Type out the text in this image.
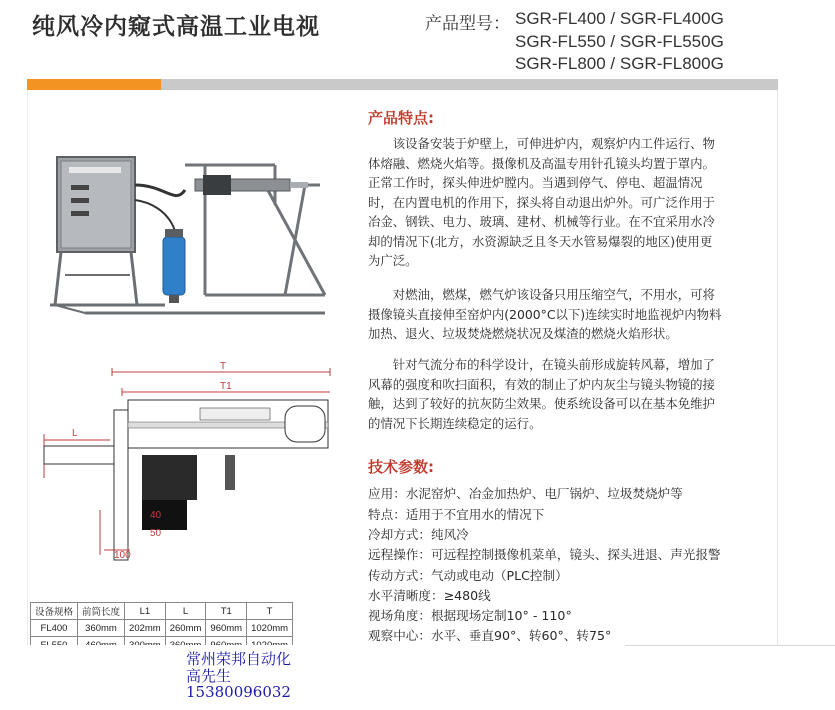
纯风冷内窥式高温工业电视	产品型号： SGR-FL400 / SGR-FL400G
SGR-FL550 / SGR-FL550G
SGR-FL800 / SGR-FL800G
T
T1
L
40
50
100
产品特点:
　　该设备安装于炉壁上，可伸进炉内，观察炉内工件运行、物
体熔融、燃烧火焰等。摄像机及高温专用针孔镜头均置于罩内。
正常工作时，探头伸进炉膛内。当遇到停气、停电、超温情况
时，在内置电机的作用下，探头将自动退出炉外。可广泛作用于
冶金、钢铁、电力、玻璃、建材、机械等行业。在不宜采用水冷
却的情况下(北方，水资源缺乏且冬天水管易爆裂的地区)使用更
为广泛。
　　对燃油，燃煤，燃气炉该设备只用压缩空气，不用水，可将
摄像镜头直接伸至窑炉内(2000°C以下)连续实时地监视炉内物料
加热、退火、垃圾焚烧燃烧状况及煤渣的燃烧火焰形状。
　　针对气流分布的科学设计，在镜头前形成旋转风幕，增加了
风幕的强度和吹扫面积，有效的制止了炉内灰尘与镜头物镜的接
触，达到了较好的抗灰防尘效果。使系统设备可以在基本免维护
的情况下长期连续稳定的运行。
技术参数:
应用：水泥窑炉、冶金加热炉、电厂锅炉、垃圾焚烧炉等
特点：适用于不宜用水的情况下
冷却方式：纯风冷
远程操作：可远程控制摄像机菜单，镜头、探头进退、声光报警
传动方式：气动或电动（PLC控制）
水平清晰度：≥480线
视场角度：根据现场定制10° - 110°
观察中心：水平、垂直90°、转60°、转75°
设备规格	前筒长度	L1	L	T1	T
FL400	360mm	202mm	260mm	960mm	1020mm

常州荣邦自动化
高先生
15380096032
